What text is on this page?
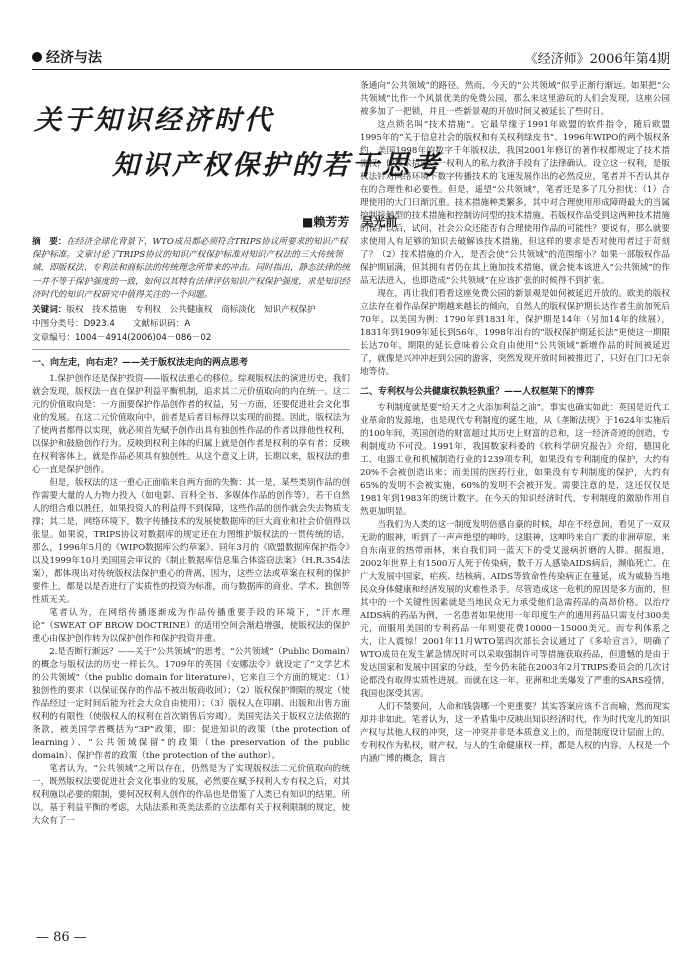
经济与法	《经济师》2006年第4期
关于知识经济时代
知识产权保护的若干思考
■赖芳芳　吴光前
摘　要：在经济全球化背景下，WTO成员都必须符合TRIPS协议所要求的知识产权保护标准。文章讨论了TRIPS协议的知识产权保护标准对知识产权法的三大传统领域，即版权法、专利法和商标法的传统理念所带来的冲击。同时指出，静态法律的统一并不等于保护强度的一致，如何以其特有法律评估知识产权保护强度，求是知识经济时代的知识产权研究中值得关注的一个问题。
关键词：版权　技术措施　专利权　公共健康权　商标淡化　知识产权保护
中图分类号：D923.4 文献标识码：A
文章编号：1004－4914(2006)04－086－02
一、向左走，向右走？——关于版权法走向的两点思考

1.保护创作还是保护投资——版权法重心的移位。综观版权法的演进历史，我们就会发现，版权法一直在保护利益平衡机制，追求其二元价值取向的内在统一。这二元的价值取向是：一方面要保护作品创作者的权益，另一方面，还要促进社会文化事业的发展。在这二元价值取向中，前者是后者目标得以实现的前提。因此，版权法为了使两者都得以实现，就必须首先赋予创作出具有独创性作品的作者以排他性权利，以保护和鼓励创作行为。反映到权利主体的归属上就是创作者是权利的享有者；反映在权利客体上，就是作品必须具有独创性。从这个意义上讲，长期以来，版权法的重心一直是保护创作。

但是，版权法的这一重心正面临来自两方面的失衡：其一是，某些类别作品的创作需要大量的人力物力投入（如电影、百科全书、多媒体作品的创作等），若干自然人的组合难以胜任，如果投资人的利益得不到保障，这些作品的创作就会失去物质支撑；其二是，网络环境下，数字传播技术的发展使数据库的巨大商业和社会价值得以张显。如果说，TRIPS协议对数据库的规定还在力图维护版权法的一贯传统的话，那么，1996年5月的《WIPO数据库公约草案》、同年3月的《欧盟数据库保护指令》以及1999年10月美国国会审议的《制止数据库信息集合体盗窃法案》（H.R.354法案），都体现出对传统版权法保护重心的背离，因为，这些立法或草案在权利的保护要件上，都是以是否进行了实质性的投资为标准，而与数据库的商业、学术、独创等性质无关。

笔者认为，在网络传播逐渐成为作品传播重要手段的环境下，“汗水理论”（SWEAT OF BROW DOCTRINE）的适用空间会渐趋增强，使版权法的保护重心由保护创作转为以保护创作和保护投资并重。

2.是否断行渐远？——关于“公共领域”的思考。“公共领域”（Public Domain）的概念与版权法的历史一样长久。1709年的英国《安娜法令》就设定了“文学艺术的公共领域”（the public domain for literature），它来自三个方面的规定：（1）独创性的要求（以保证保存的作品不被出版商收回）；（2）版权保护期限的规定（使作品经过一定时间后能为社会大众自由使用）；（3）版权人在印刷、出版和出售方面权利的有限性（使版权人的权利在首次销售后穷竭）。美国宪法关于版权立法依据的条款，被美国学者概括为“3P”政策，即：促进知识的政策（the protection of learning）、“公共领域保留”的政策（the preservation of the public domain）、保护作者的政策（the protection of the author）。

笔者认为，“公共领域”之所以存在，仍然是为了实现版权法二元价值取向的统一，既然版权法要促进社会文化事业的发展，必然要在赋予权利人专有权之后，对其权利施以必要的限制，要何况权利人创作的作品也是借鉴了人类已有知识的结果。所以，基于利益平衡的考虑，大陆法系和英美法系的立法都有关于权利限制的规定，使大众有了一

条通向“公共领域”的路径。然而，今天的“公共领域”似乎正渐行渐远。如果把“公共领域”比作一个风景优美的免费公园，那么来这里游玩的人们会发现，这座公园被多加了一把锁，并且一些新景观的开放时间又被延长了些时日。

这点锁名叫“技术措施”。它最早缘于1991年欧盟的软件指令，随后欧盟1995年的“关于信息社会的版权和有关权利绿皮书”、1996年WIPO的两个版权条约、美国1998年的数字千年版权法，我国2001年修订的著作权都规定了技术措施权，使技术措施这一权利人的私力救济手段有了法律确认。设立这一权利，是版权法针对网络环境下数字传播技术的飞速发展作出的必然反应，笔者并不否认其存在的合理性和必要性。但是，遥望“公共领域”，笔者还是多了几分担忧：（1）合理使用的大门日渐沉重。技术措施种类繁多，其中对合理使用形成障碍最大的当属控制接触型的技术措施和控制访问型的技术措施。若版权作品受到这两种技术措施的保护以后，试问，社会公众还能否有合理使用作品的可能性？要说有，那么就要求使用人有足够的知识去破解该技术措施，但这样的要求是否对使用者过于苛刻了？（2）技术措施的介入，是否会使“公共领域”的范围缩小？如果一部版权作品保护期届满，但其拥有者仍在其上施加技术措施，就会使本该进入“公共领域”的作品无法进入，也即造成“公共领域”在应该扩张的时候得不到扩张。

现在，再让我们看看这座免费公园的新景观是如何被延迟开放的。欧美的版权立法存在着作品保护期越来越长的倾向，自然人的版权保护期长达作者生前加死后70年。以美国为例：1790年到1831年，保护期是14年（另加14年的续展），1831年到1909年延长到56年，1998年出台的“版权保护期延长法”更使这一期限长达70年。期限的延长意味着公众自由使用“公共领域”新增作品的时间被延迟了，就像是兴冲冲赶到公园的游客，突然发现开放时间被推迟了，只好在门口无奈地等待。

二、专利权与公共健康权孰轻孰重？——人权框架下的博弈

专利制度就是要“给天才之火添加利益之油”。事实也确实如此：英国是近代工业革命的发源地，也是现代专利制度的诞生地，从《垄断法规》于1624年实施后的100年间，英国创造的财富超过其历史上财富的总和，这一经济奇迹的创造，专利制度功不可没。1991年，我国数家科委的《软科学研究报告》介绍，德国化工、电器工业和机械制造行业的1239项专利，如果没有专利制度的保护，大约有20%不会被创造出来；而美国的医药行业，如果没有专利制度的保护，大约有65%的发明不会被实施，60%的发明不会被开发。需要注意的是，这还仅仅是1981年到1983年的统计数字。在今天的知识经济时代，专利制度的激励作用自然更加明显。

当我们为人类的这一制度发明倍感自豪的时候，却在不经意间，看见了一双双无助的眼神，听到了一声声绝望的呻吟。这眼神，这呻吟来自广袤的非洲草原，来自东南亚的热带雨林，来自我们同一蓝天下的受艾滋病折磨的人群。据报道，2002年世界上有1500万人死于传染病，数千万人感染AIDS病后，濒临死亡。在广大发展中国家，疟疾、结核病、AIDS等致命性传染病正在蔓延，成为威胁当地民众身体健康和经济发展的灾难性杀手。尽管造成这一危机的原因是多方面的，但其中的一个关键性因素就是当地民众无力承受他们急需药品的高昂价格。以治疗AIDS病的药品为例，一名患者如果使用一年印度生产的通用药品只需支付300美元，而服用美国的专利药品一年则要花费10000－15000美元。而专利体系之大，让人震惊！2001年11月WTO第四次部长会议通过了《多哈宣言》，明确了WTO成员在发生紧急情况时可以采取强制许可等措施获取药品，但遗憾的是由于发达国家和发展中国家的分歧，至今仍未能在2003年2月TRIPS委员会的几次讨论都没有取得实质性进展。而就在这一年，亚洲和北美爆发了严重的SARS疫情，我国也深受其害。

人们不禁要问，人命和钱袋哪一个更重要？其实答案应该不言而喻，然而现实却并非如此。笔者认为，这一矛盾集中反映出知识经济时代，作为时代宠儿的知识产权与其他人权的冲突，这一冲突并非是本质意义上的，而是制度设计层面上的。专利权作为私权，财产权，与人的生命健康权一样，都是人权的内容。人权是一个内涵广博的概念，简言

— 86 —
